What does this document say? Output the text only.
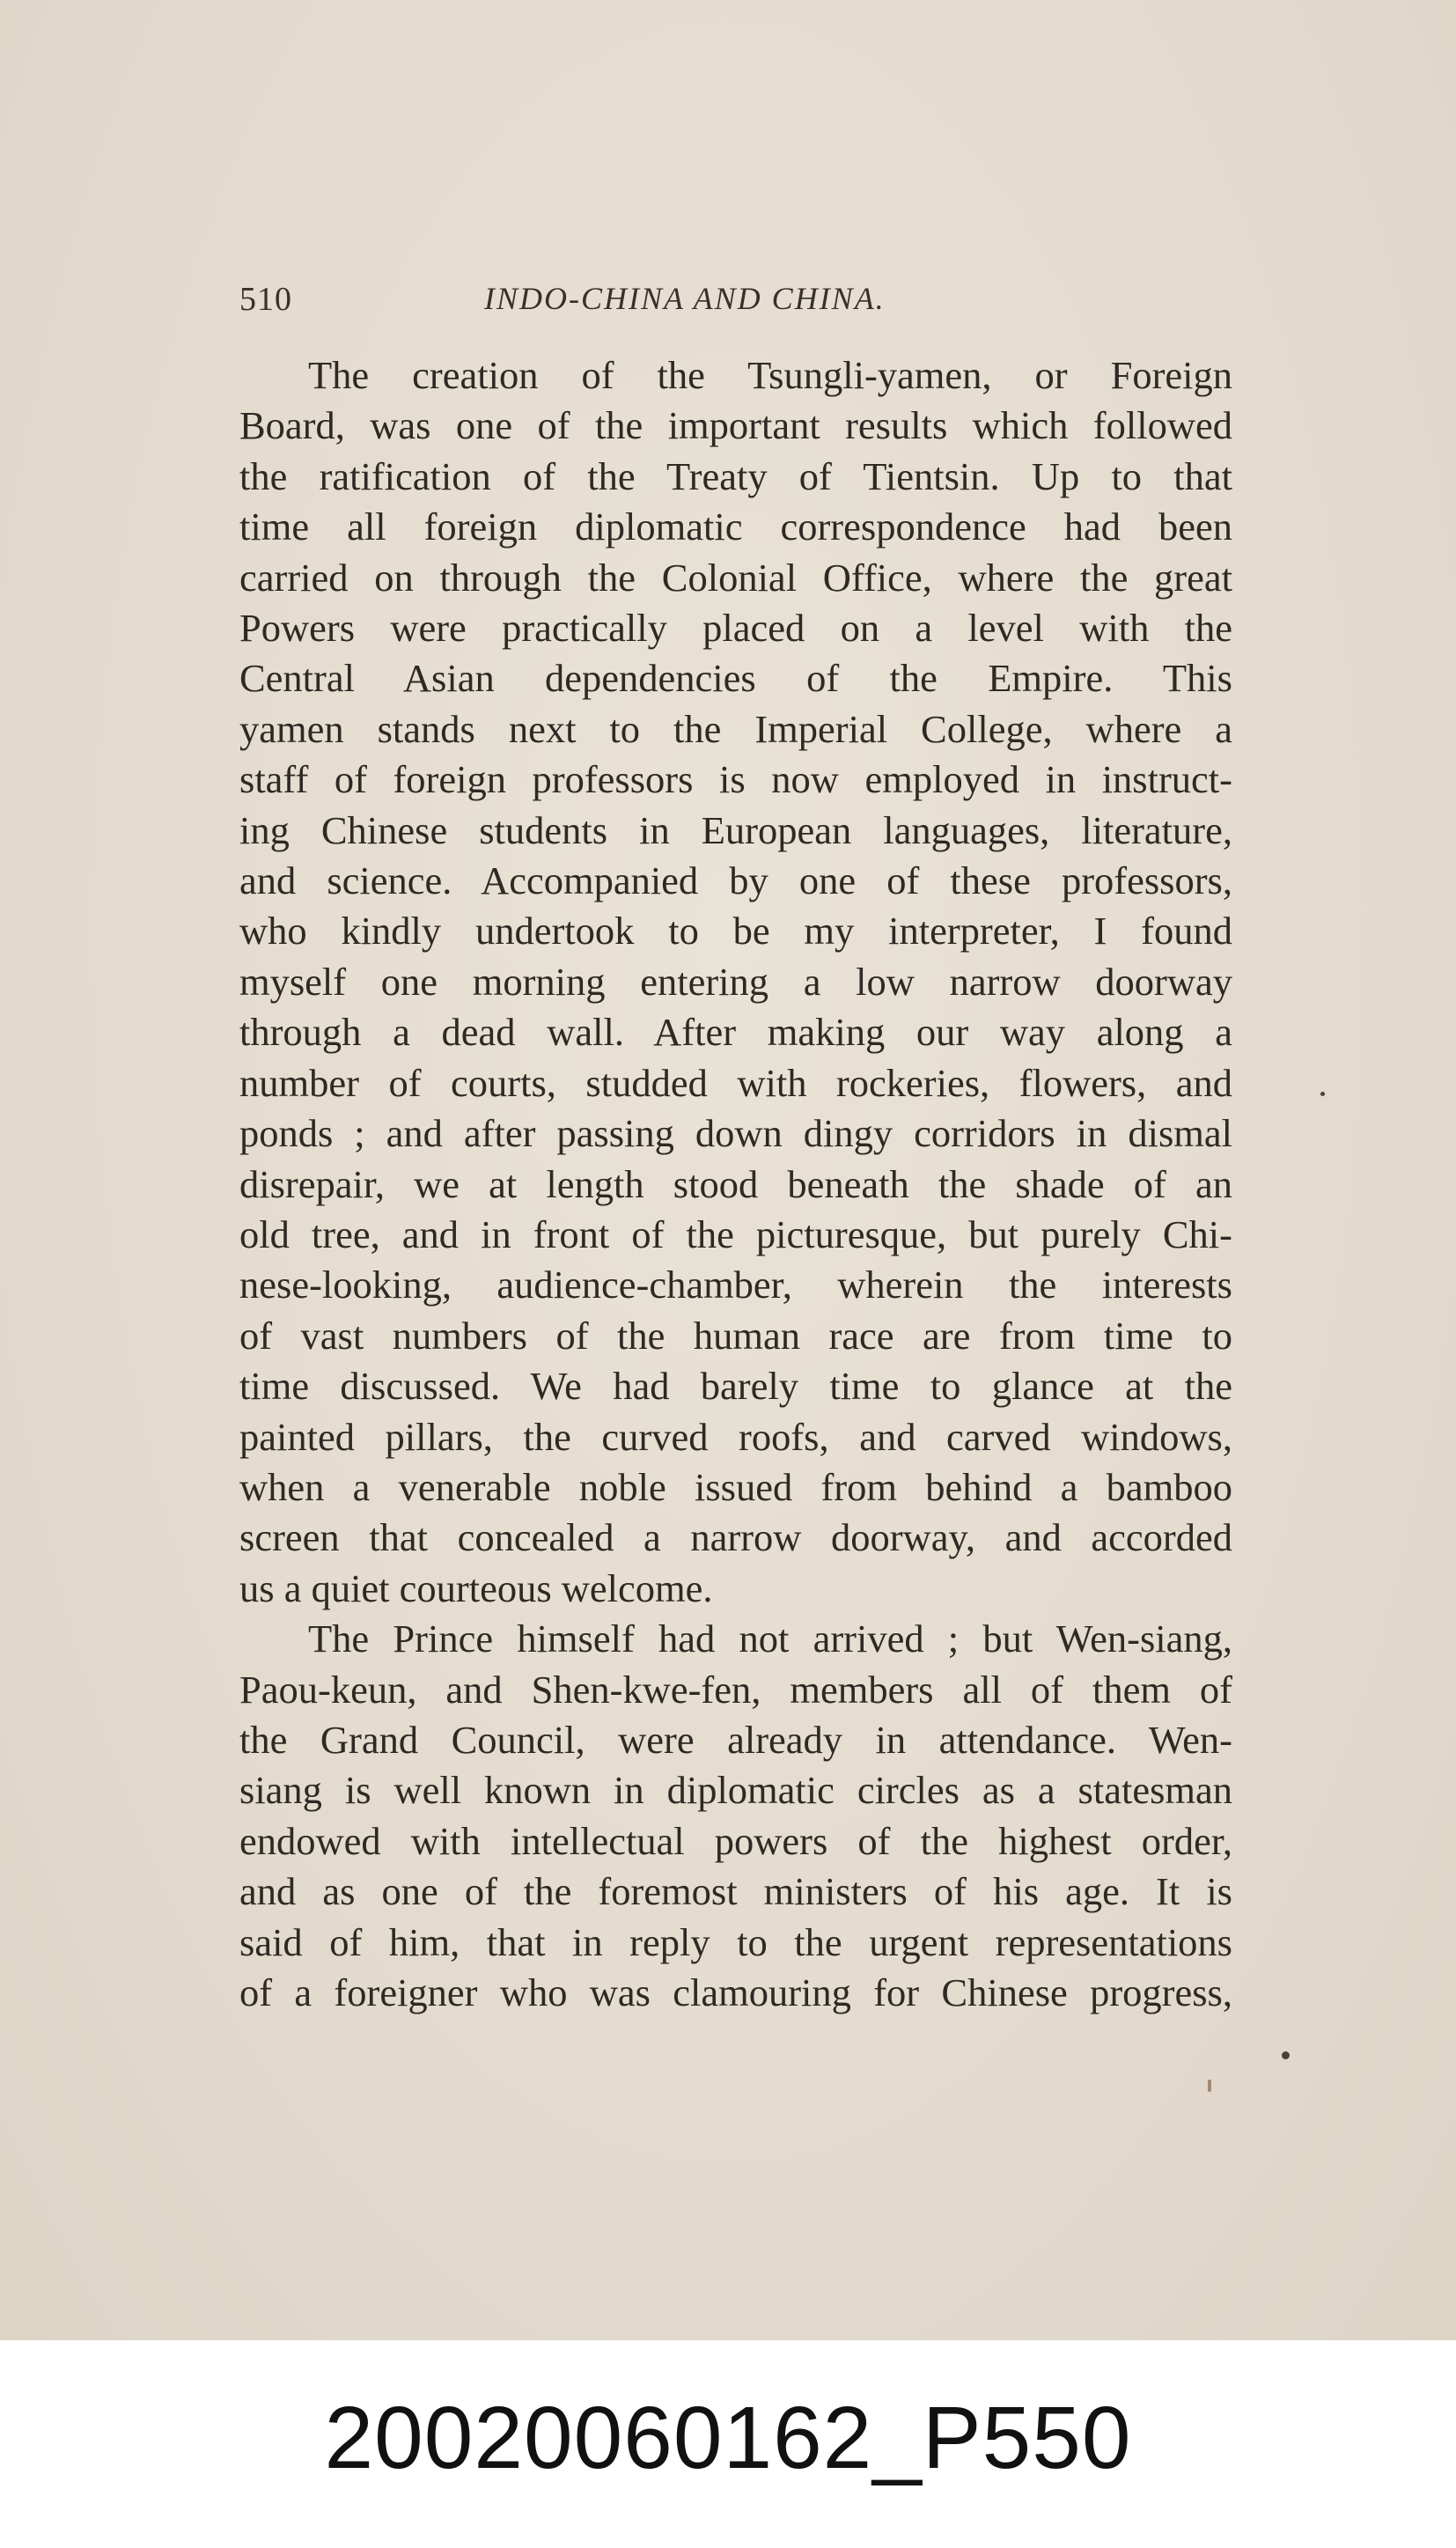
510	INDO-CHINA AND CHINA.
The creation of the Tsungli-yamen, or Foreign
Board, was one of the important results which followed
the ratification of the Treaty of Tientsin. Up to that
time all foreign diplomatic correspondence had been
carried on through the Colonial Office, where the great
Powers were practically placed on a level with the
Central Asian dependencies of the Empire. This
yamen stands next to the Imperial College, where a
staff of foreign professors is now employed in instruct-
ing Chinese students in European languages, literature,
and science. Accompanied by one of these professors,
who kindly undertook to be my interpreter, I found
myself one morning entering a low narrow doorway
through a dead wall. After making our way along a
number of courts, studded with rockeries, flowers, and
ponds ; and after passing down dingy corridors in dismal
disrepair, we at length stood beneath the shade of an
old tree, and in front of the picturesque, but purely Chi-
nese-looking, audience-chamber, wherein the interests
of vast numbers of the human race are from time to
time discussed. We had barely time to glance at the
painted pillars, the curved roofs, and carved windows,
when a venerable noble issued from behind a bamboo
screen that concealed a narrow doorway, and accorded
us a quiet courteous welcome.
The Prince himself had not arrived ; but Wen-siang,
Paou-keun, and Shen-kwe-fen, members all of them of
the Grand Council, were already in attendance. Wen-
siang is well known in diplomatic circles as a statesman
endowed with intellectual powers of the highest order,
and as one of the foremost ministers of his age. It is
said of him, that in reply to the urgent representations
of a foreigner who was clamouring for Chinese progress,
20020060162_P550
